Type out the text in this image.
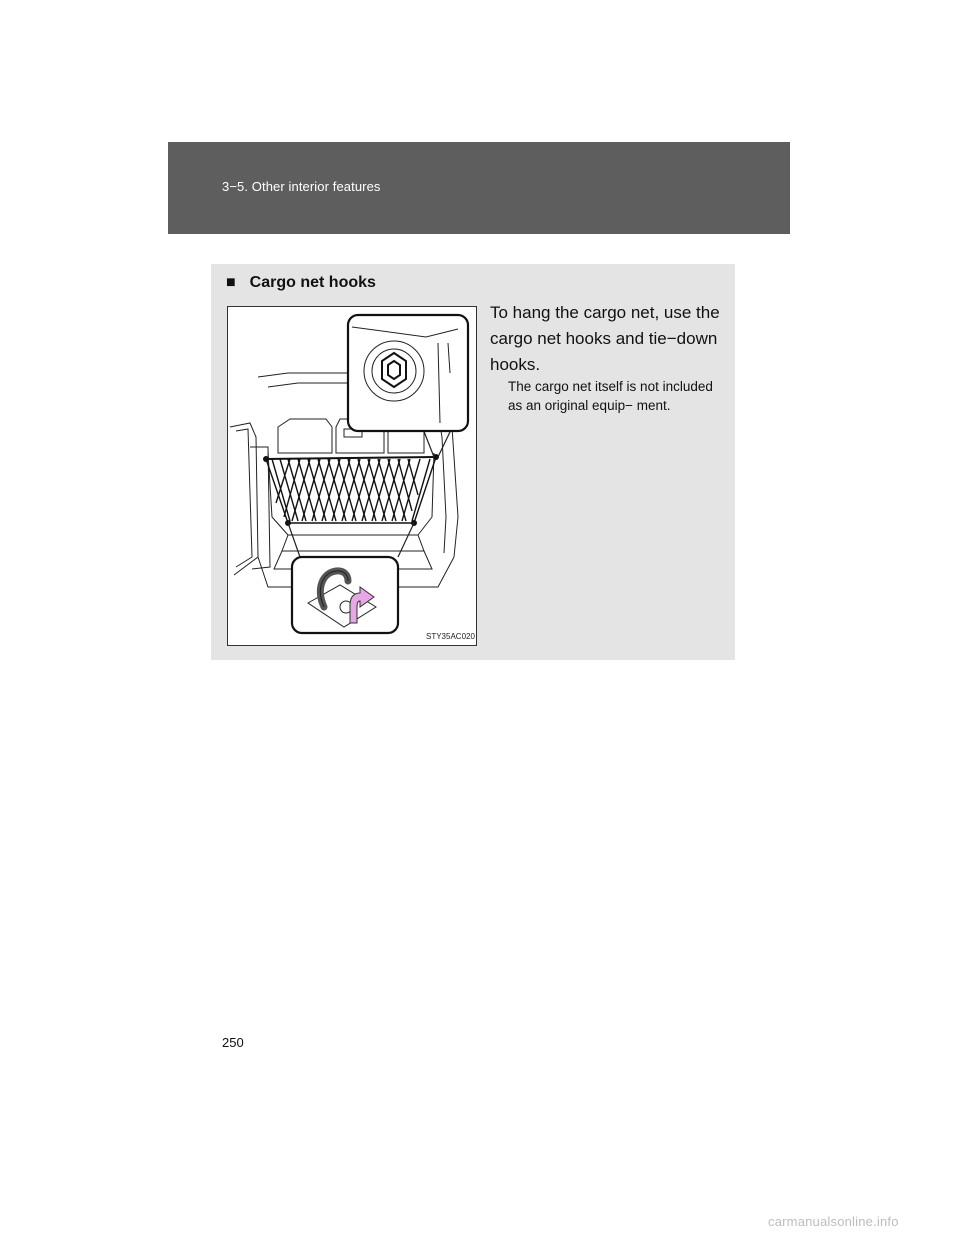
3−5. Other interior features
■ Cargo net hooks
STY35AC020
To hang the cargo net, use the cargo net hooks and tie−down hooks.
The cargo net itself is not included as an original equip− ment.
250
carmanualsonline.info
